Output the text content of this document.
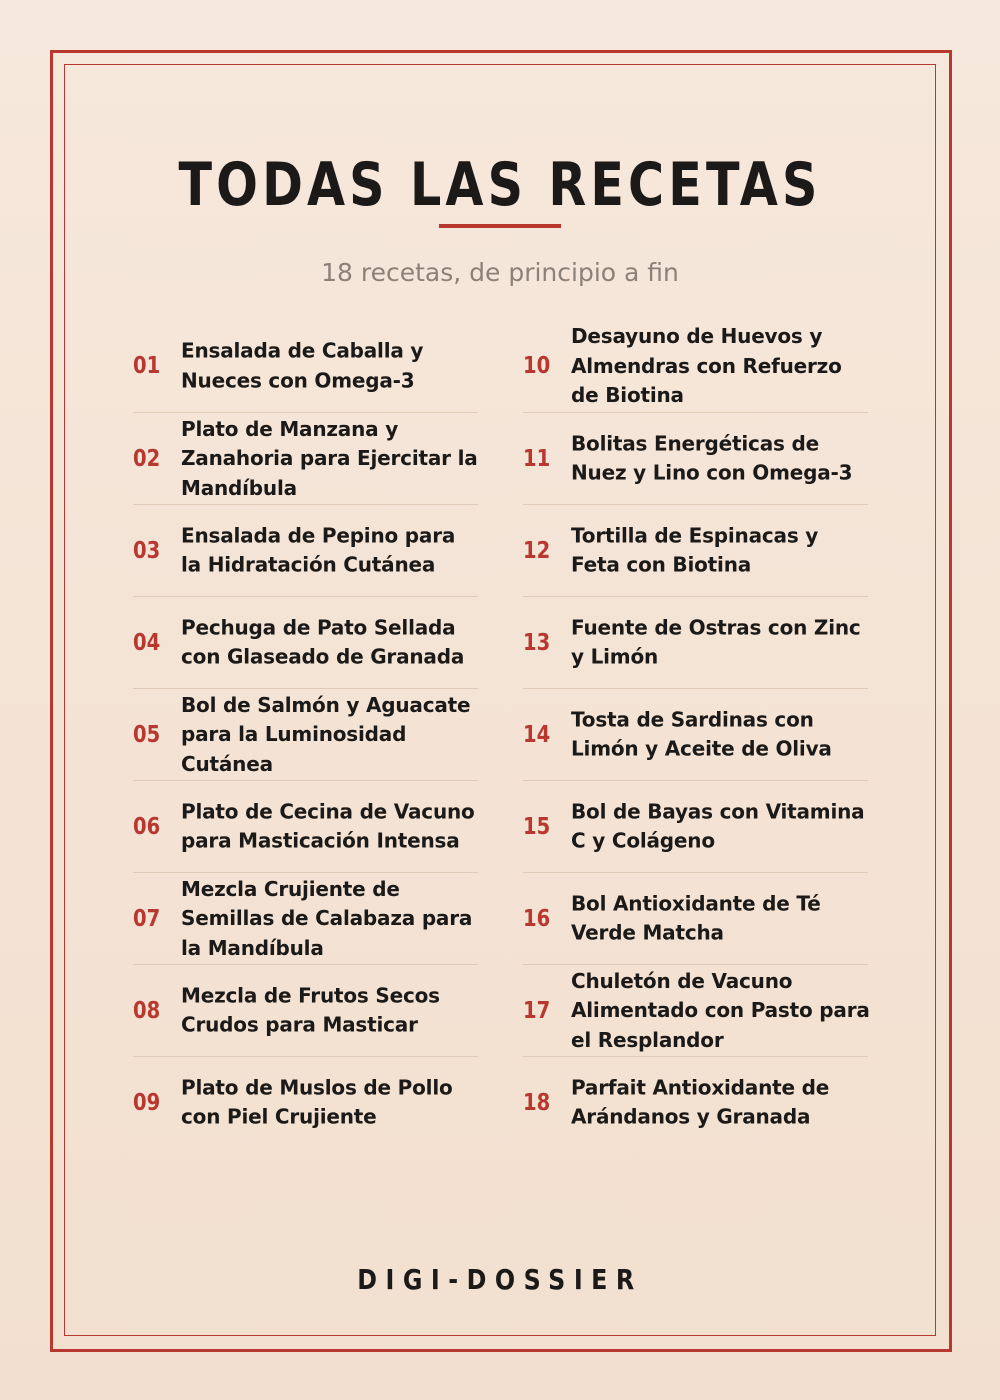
TODAS LAS RECETAS
18 recetas, de principio a fin
01
Ensalada de Caballa y Nueces con Omega-3
02
Plato de Manzana y Zanahoria para Ejercitar la Mandíbula
03
Ensalada de Pepino para la Hidratación Cutánea
04
Pechuga de Pato Sellada con Glaseado de Granada
05
Bol de Salmón y Aguacate para la Luminosidad Cutánea
06
Plato de Cecina de Vacuno para Masticación Intensa
07
Mezcla Crujiente de Semillas de Calabaza para la Mandíbula
08
Mezcla de Frutos Secos Crudos para Masticar
09
Plato de Muslos de Pollo con Piel Crujiente
10
Desayuno de Huevos y Almendras con Refuerzo de Biotina
11
Bolitas Energéticas de Nuez y Lino con Omega-3
12
Tortilla de Espinacas y Feta con Biotina
13
Fuente de Ostras con Zinc y Limón
14
Tosta de Sardinas con Limón y Aceite de Oliva
15
Bol de Bayas con Vitamina C y Colágeno
16
Bol Antioxidante de Té Verde Matcha
17
Chuletón de Vacuno Alimentado con Pasto para el Resplandor
18
Parfait Antioxidante de Arándanos y Granada
DIGI-DOSSIER
